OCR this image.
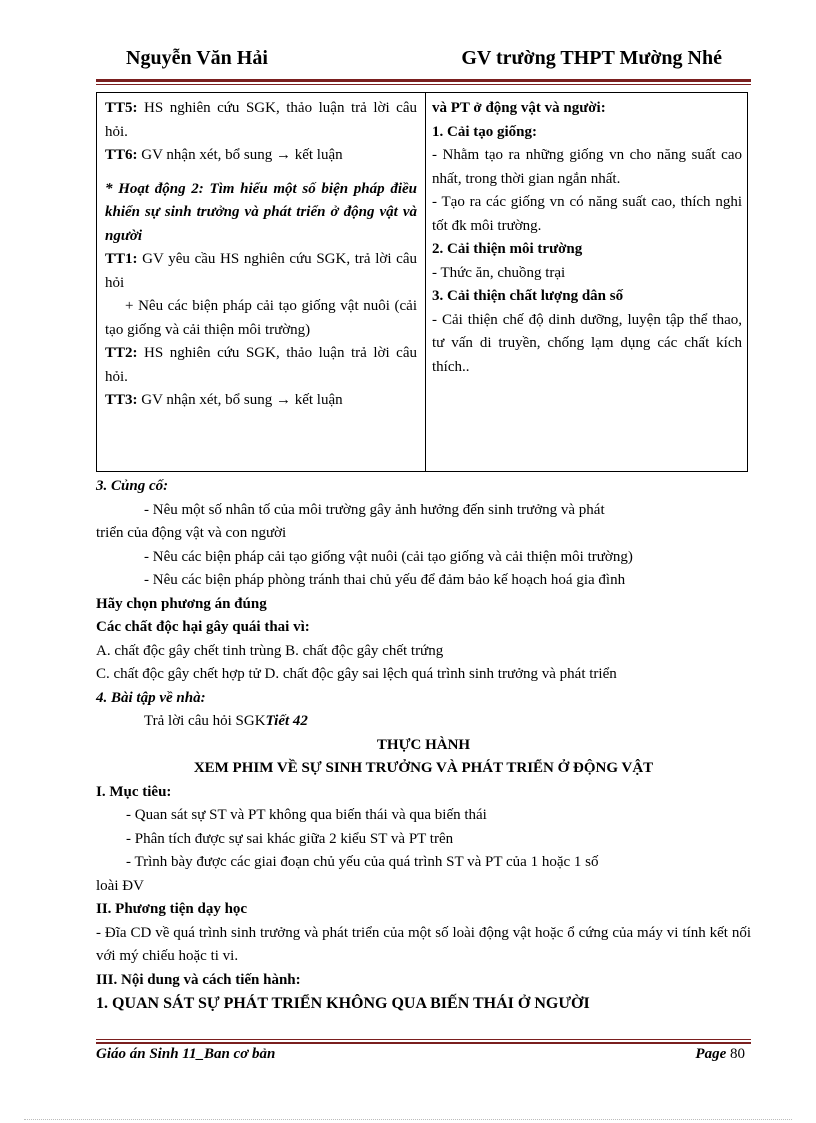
Nguyễn Văn Hải	GV trường THPT Mường Nhé

TT5: HS nghiên cứu SGK, thảo luận trả lời câu hỏi.

TT6: GV nhận xét, bổ sung → kết luận

* Hoạt động 2: Tìm hiểu một số biện pháp điều khiển sự sinh trưởng và phát triển ở động vật và người

TT1: GV yêu cầu HS nghiên cứu SGK, trả lời câu hỏi

+ Nêu các biện pháp cải tạo giống vật nuôi (cải tạo giống và cải thiện môi trường)

TT2: HS nghiên cứu SGK, thảo luận trả lời câu hỏi.

TT3: GV nhận xét, bổ sung → kết luận

và PT ở động vật và người:

1. Cải tạo giống:

- Nhằm tạo ra những giống vn cho năng suất cao nhất, trong thời gian ngắn nhất.

- Tạo ra các giống vn có năng suất cao, thích nghi tốt đk môi trường.

2. Cải thiện môi trường

- Thức ăn, chuồng trại

3. Cải thiện chất lượng dân số

- Cải thiện chế độ dinh dưỡng, luyện tập thể thao, tư vấn di truyền, chống lạm dụng các chất kích thích..

3. Củng cố:

- Nêu một số nhân tố của môi trường gây ảnh hưởng đến sinh trưởng và phát

triển của động vật và con người

- Nêu các biện pháp cải tạo giống vật nuôi (cải tạo giống và cải thiện môi trường)

- Nêu các biện pháp phòng tránh thai chủ yếu để đảm bảo kế hoạch hoá gia đình

Hãy chọn phương án đúng

Các chất độc hại gây quái thai vì:

A. chất độc gây chết tinh trùng B. chất độc gây chết trứng

C. chất độc gây chết hợp tử D. chất độc gây sai lệch quá trình sinh trưởng và phát triển

4. Bài tập về nhà:

Trả lời câu hỏi SGKTiết 42

THỰC HÀNH

XEM PHIM VỀ SỰ SINH TRƯỞNG VÀ PHÁT TRIỂN Ở ĐỘNG VẬT

I. Mục tiêu:

- Quan sát sự ST và PT không qua biến thái và qua biến thái

- Phân tích được sự sai khác giữa 2 kiểu ST và PT trên

- Trình bày được các giai đoạn chủ yếu của quá trình ST và PT của 1 hoặc 1 số

loài ĐV

II. Phương tiện dạy học

- Đĩa CD về quá trình sinh trưởng và phát triển của một số loài động vật hoặc ổ cứng của máy vi tính kết nối với mý chiếu hoặc ti vi.

III. Nội dung và cách tiến hành:

1. QUAN SÁT SỰ PHÁT TRIỂN KHÔNG QUA BIẾN THÁI Ở NGƯỜI

Giáo án Sinh 11_Ban cơ bản	Page 80
